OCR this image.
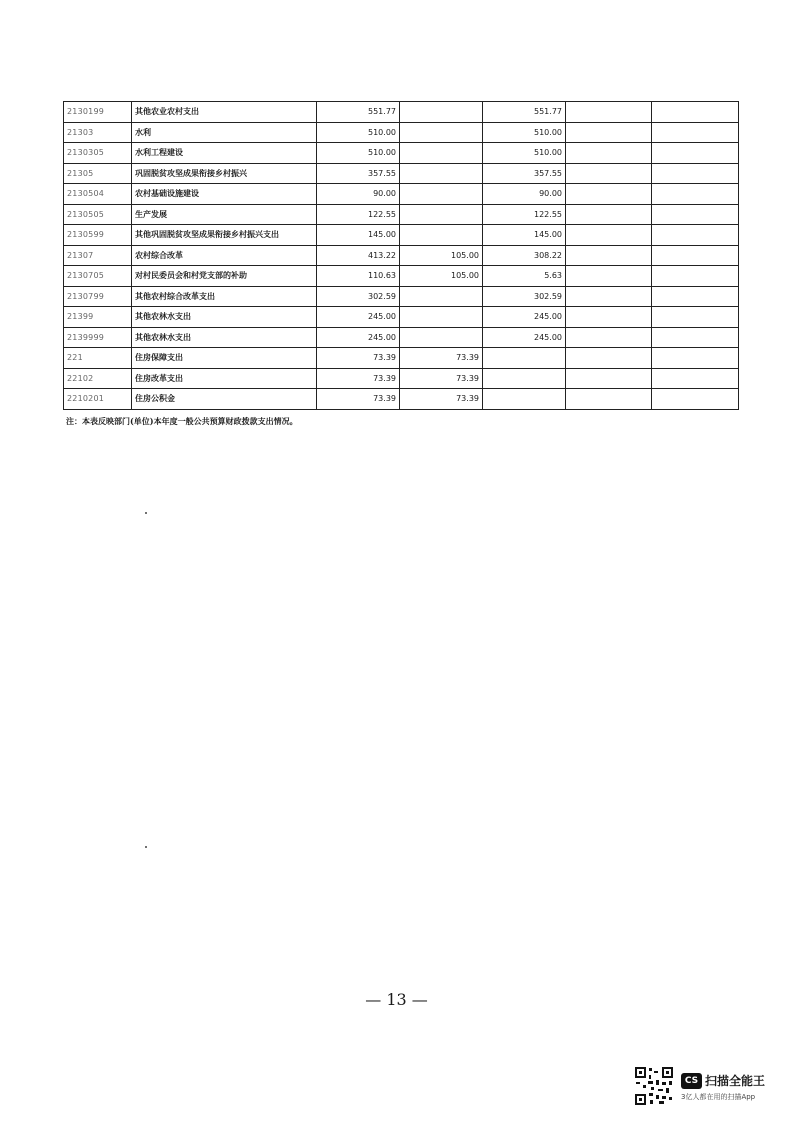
2130199	其他农业农村支出	551.77		551.77		
21303	水利	510.00		510.00		
2130305	水利工程建设	510.00		510.00		
21305	巩固脱贫攻坚成果衔接乡村振兴	357.55		357.55		
2130504	农村基础设施建设	90.00		90.00		
2130505	生产发展	122.55		122.55		
2130599	其他巩固脱贫攻坚成果衔接乡村振兴支出	145.00		145.00		
21307	农村综合改革	413.22	105.00	308.22		
2130705	对村民委员会和村党支部的补助	110.63	105.00	5.63		
2130799	其他农村综合改革支出	302.59		302.59		
21399	其他农林水支出	245.00		245.00		
2139999	其他农林水支出	245.00		245.00		
221	住房保障支出	73.39	73.39			
22102	住房改革支出	73.39	73.39			
2210201	住房公积金	73.39	73.39			
注：本表反映部门(单位)本年度一般公共预算财政拨款支出情况。
— 13 —
CS 扫描全能王
3亿人都在用的扫描App
